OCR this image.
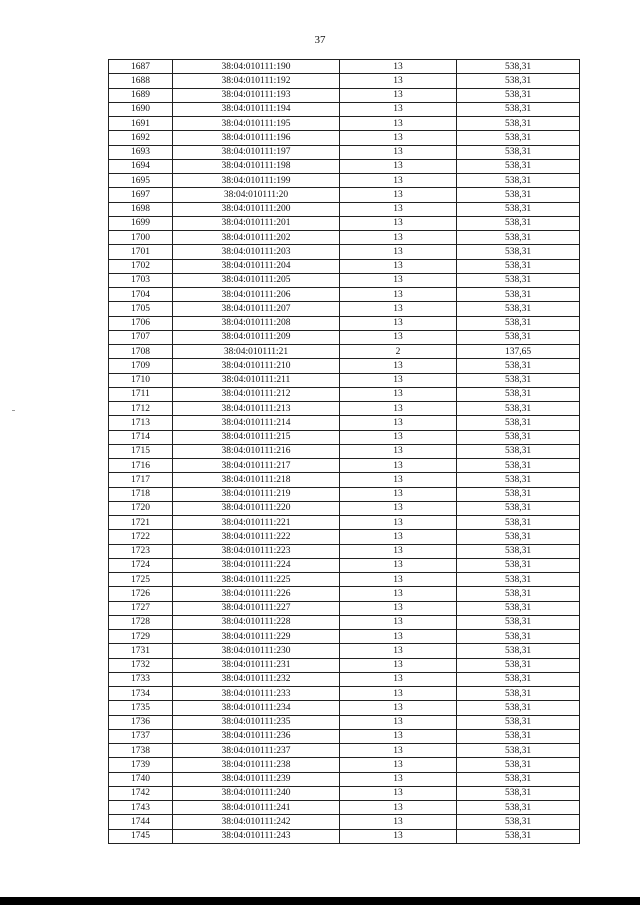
37
1687	38:04:010111:190	13	538,31
1688	38:04:010111:192	13	538,31
1689	38:04:010111:193	13	538,31
1690	38:04:010111:194	13	538,31
1691	38:04:010111:195	13	538,31
1692	38:04:010111:196	13	538,31
1693	38:04:010111:197	13	538,31
1694	38:04:010111:198	13	538,31
1695	38:04:010111:199	13	538,31
1697	38:04:010111:20	13	538,31
1698	38:04:010111:200	13	538,31
1699	38:04:010111:201	13	538,31
1700	38:04:010111:202	13	538,31
1701	38:04:010111:203	13	538,31
1702	38:04:010111:204	13	538,31
1703	38:04:010111:205	13	538,31
1704	38:04:010111:206	13	538,31
1705	38:04:010111:207	13	538,31
1706	38:04:010111:208	13	538,31
1707	38:04:010111:209	13	538,31
1708	38:04:010111:21	2	137,65
1709	38:04:010111:210	13	538,31
1710	38:04:010111:211	13	538,31
1711	38:04:010111:212	13	538,31
1712	38:04:010111:213	13	538,31
1713	38:04:010111:214	13	538,31
1714	38:04:010111:215	13	538,31
1715	38:04:010111:216	13	538,31
1716	38:04:010111:217	13	538,31
1717	38:04:010111:218	13	538,31
1718	38:04:010111:219	13	538,31
1720	38:04:010111:220	13	538,31
1721	38:04:010111:221	13	538,31
1722	38:04:010111:222	13	538,31
1723	38:04:010111:223	13	538,31
1724	38:04:010111:224	13	538,31
1725	38:04:010111:225	13	538,31
1726	38:04:010111:226	13	538,31
1727	38:04:010111:227	13	538,31
1728	38:04:010111:228	13	538,31
1729	38:04:010111:229	13	538,31
1731	38:04:010111:230	13	538,31
1732	38:04:010111:231	13	538,31
1733	38:04:010111:232	13	538,31
1734	38:04:010111:233	13	538,31
1735	38:04:010111:234	13	538,31
1736	38:04:010111:235	13	538,31
1737	38:04:010111:236	13	538,31
1738	38:04:010111:237	13	538,31
1739	38:04:010111:238	13	538,31
1740	38:04:010111:239	13	538,31
1742	38:04:010111:240	13	538,31
1743	38:04:010111:241	13	538,31
1744	38:04:010111:242	13	538,31
1745	38:04:010111:243	13	538,31
